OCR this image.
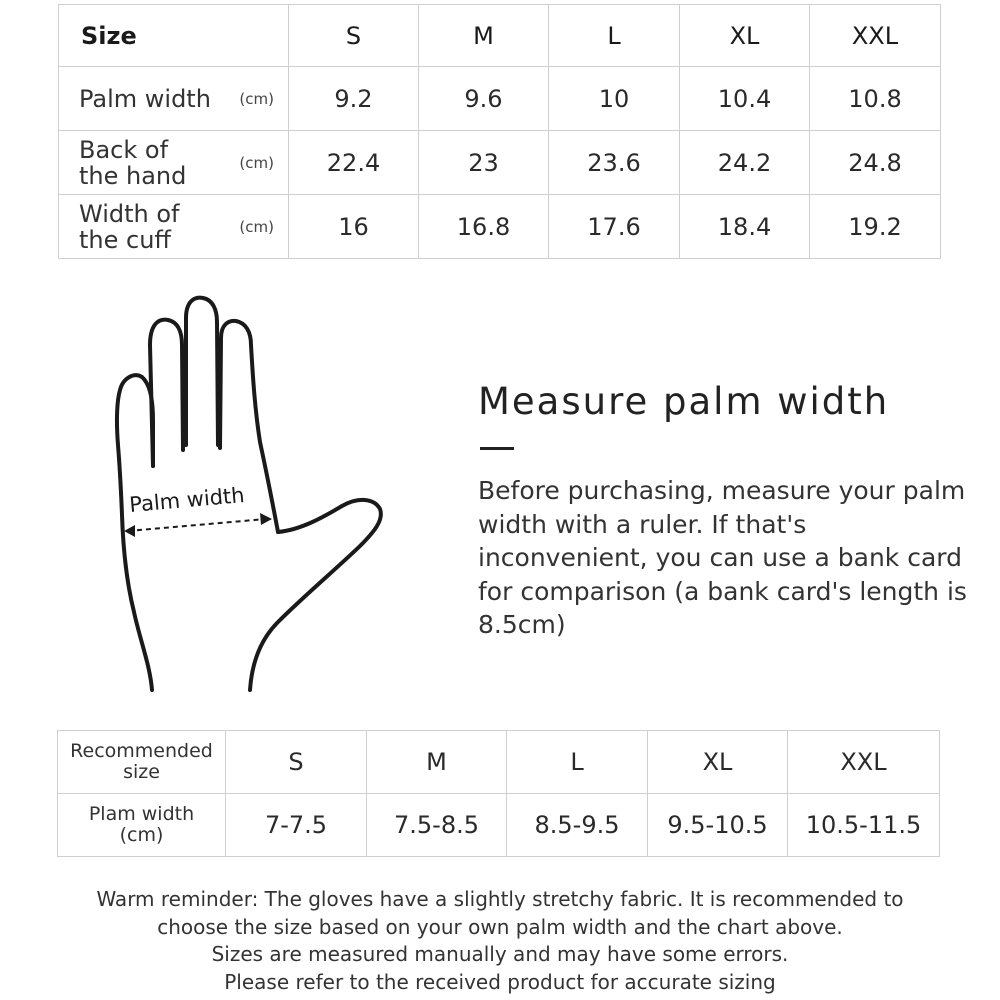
Size	S	M	L	XL	XXL

Palm width (cm)	9.2	9.6	10	10.4	10.8

Back of
the hand (cm)	22.4	23	23.6	24.2	24.8

Width of
the cuff (cm)	16	16.8	17.6	18.4	19.2
Palm width
Measure palm width
Before purchasing, measure your palm width with a ruler. If that's inconvenient, you can use a bank card for comparison (a bank card's length is 8.5cm)
Recommended
size	S	M	L	XL	XXL
Plam width
(cm)	7-7.5	7.5-8.5	8.5-9.5	9.5-10.5	10.5-11.5
Warm reminder: The gloves have a slightly stretchy fabric. It is recommended to
choose the size based on your own palm width and the chart above.
Sizes are measured manually and may have some errors.
Please refer to the received product for accurate sizing
